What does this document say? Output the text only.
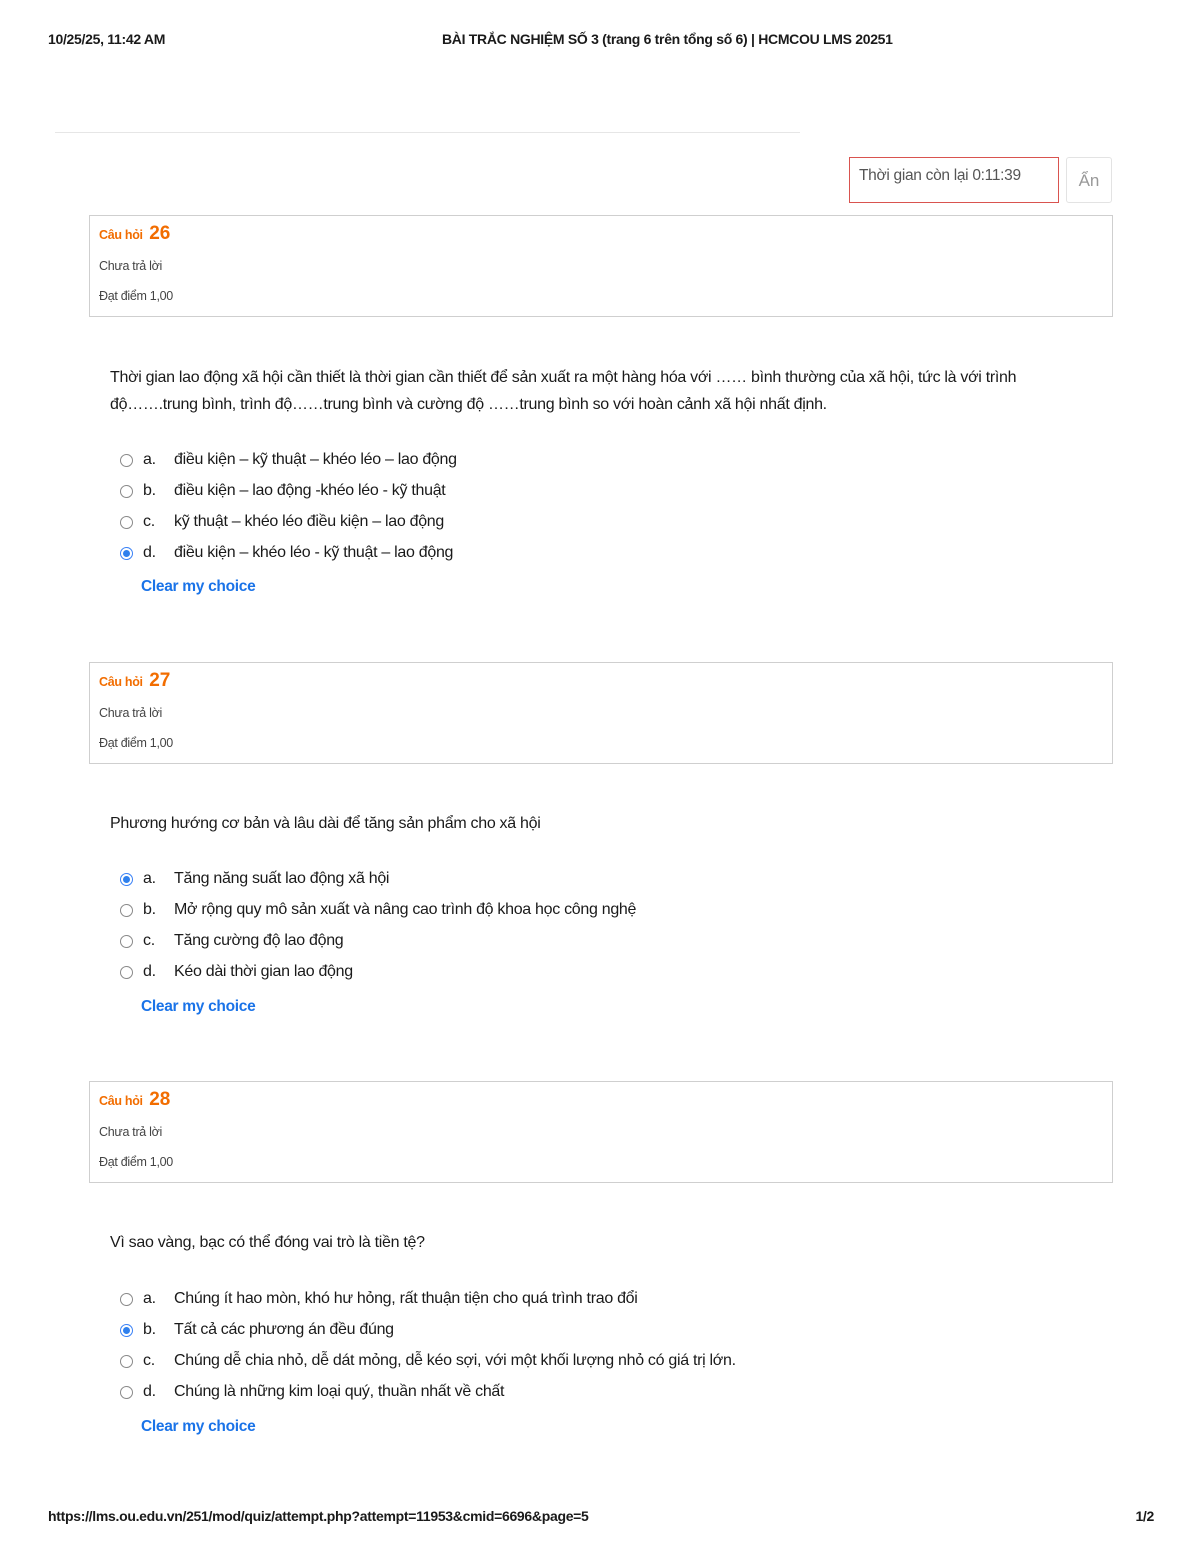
10/25/25, 11:42 AM	BÀI TRẮC NGHIỆM SỐ 3 (trang 6 trên tổng số 6) | HCMCOU LMS 20251
Thời gian còn lại 0:11:39	Ẩn
Câu hỏi 26
Chưa trả lời
Đạt điểm 1,00
Thời gian lao động xã hội cần thiết là thời gian cần thiết để sản xuất ra một hàng hóa với …… bình thường của xã hội, tức là với trình độ…….trung bình, trình độ……trung bình và cường độ ……trung bình so với hoàn cảnh xã hội nhất định.
a. điều kiện – kỹ thuật – khéo léo – lao động
b. điều kiện – lao động -khéo léo - kỹ thuật
c. kỹ thuật – khéo léo điều kiện – lao động
d. điều kiện – khéo léo - kỹ thuật – lao động
Clear my choice
Câu hỏi 27
Chưa trả lời
Đạt điểm 1,00
Phương hướng cơ bản và lâu dài để tăng sản phẩm cho xã hội
a. Tăng năng suất lao động xã hội
b. Mở rộng quy mô sản xuất và nâng cao trình độ khoa học công nghệ
c. Tăng cường độ lao động
d. Kéo dài thời gian lao động
Clear my choice
Câu hỏi 28
Chưa trả lời
Đạt điểm 1,00
Vì sao vàng, bạc có thể đóng vai trò là tiền tệ?
a. Chúng ít hao mòn, khó hư hỏng, rất thuận tiện cho quá trình trao đổi
b. Tất cả các phương án đều đúng
c. Chúng dễ chia nhỏ, dễ dát mỏng, dễ kéo sợi, với một khối lượng nhỏ có giá trị lớn.
d. Chúng là những kim loại quý, thuần nhất về chất
Clear my choice
https://lms.ou.edu.vn/251/mod/quiz/attempt.php?attempt=11953&cmid=6696&page=5	1/2
